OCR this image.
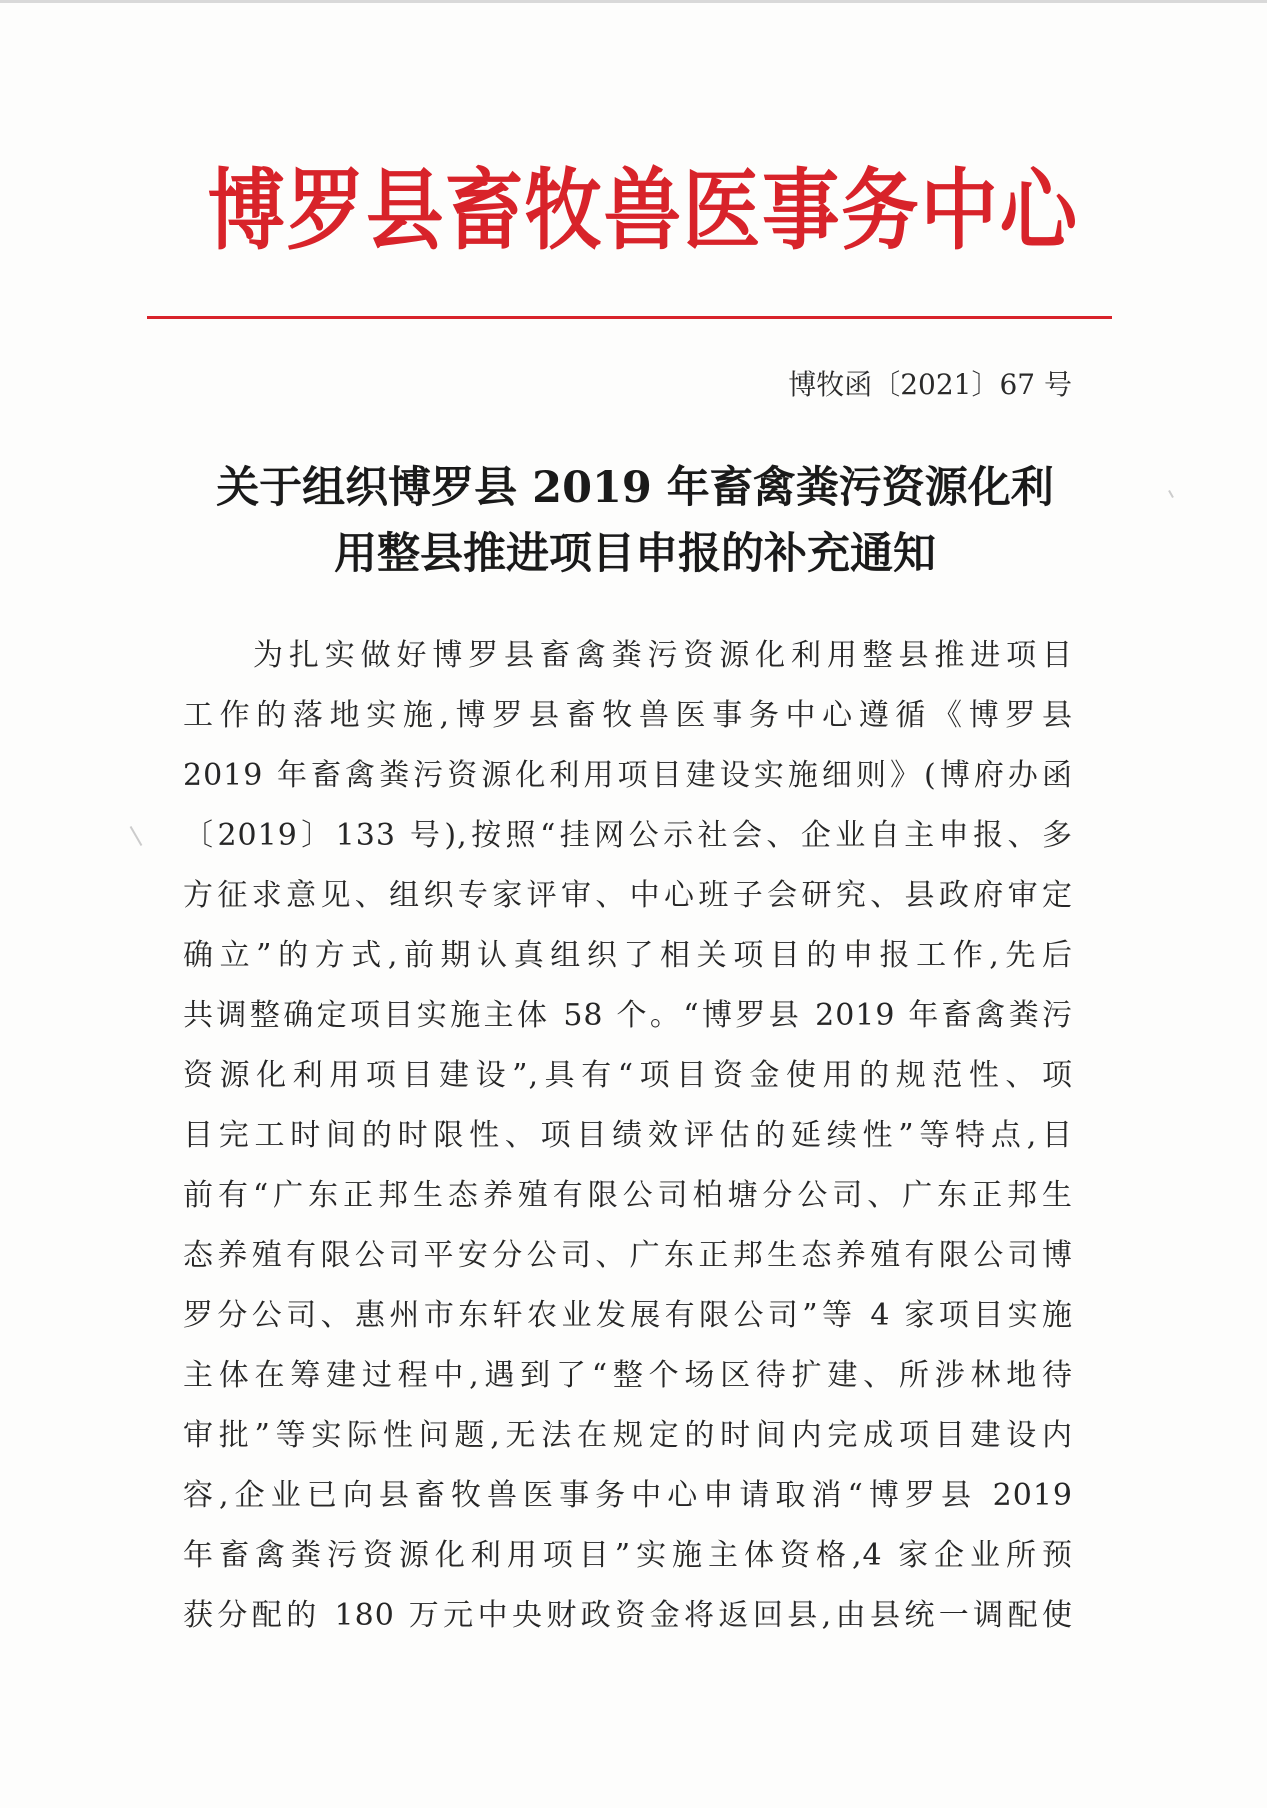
博罗县畜牧兽医事务中心
博牧函〔2021〕67 号
关于组织博罗县 2019 年畜禽粪污资源化利
用整县推进项目申报的补充通知
为扎实做好博罗县畜禽粪污资源化利用整县推进项目
工作的落地实施,博罗县畜牧兽医事务中心遵循《博罗县
2019 年畜禽粪污资源化利用项目建设实施细则》(博府办函
〔2019〕133 号),按照“挂网公示社会、企业自主申报、多
方征求意见、组织专家评审、中心班子会研究、县政府审定
确立”的方式,前期认真组织了相关项目的申报工作,先后
共调整确定项目实施主体 58 个。“博罗县 2019 年畜禽粪污
资源化利用项目建设”,具有“项目资金使用的规范性、项
目完工时间的时限性、项目绩效评估的延续性”等特点,目
前有“广东正邦生态养殖有限公司柏塘分公司、广东正邦生
态养殖有限公司平安分公司、广东正邦生态养殖有限公司博
罗分公司、惠州市东轩农业发展有限公司”等 4 家项目实施
主体在筹建过程中,遇到了“整个场区待扩建、所涉林地待
审批”等实际性问题,无法在规定的时间内完成项目建设内
容,企业已向县畜牧兽医事务中心申请取消“博罗县 2019
年畜禽粪污资源化利用项目”实施主体资格,4 家企业所预
获分配的 180 万元中央财政资金将返回县,由县统一调配使
